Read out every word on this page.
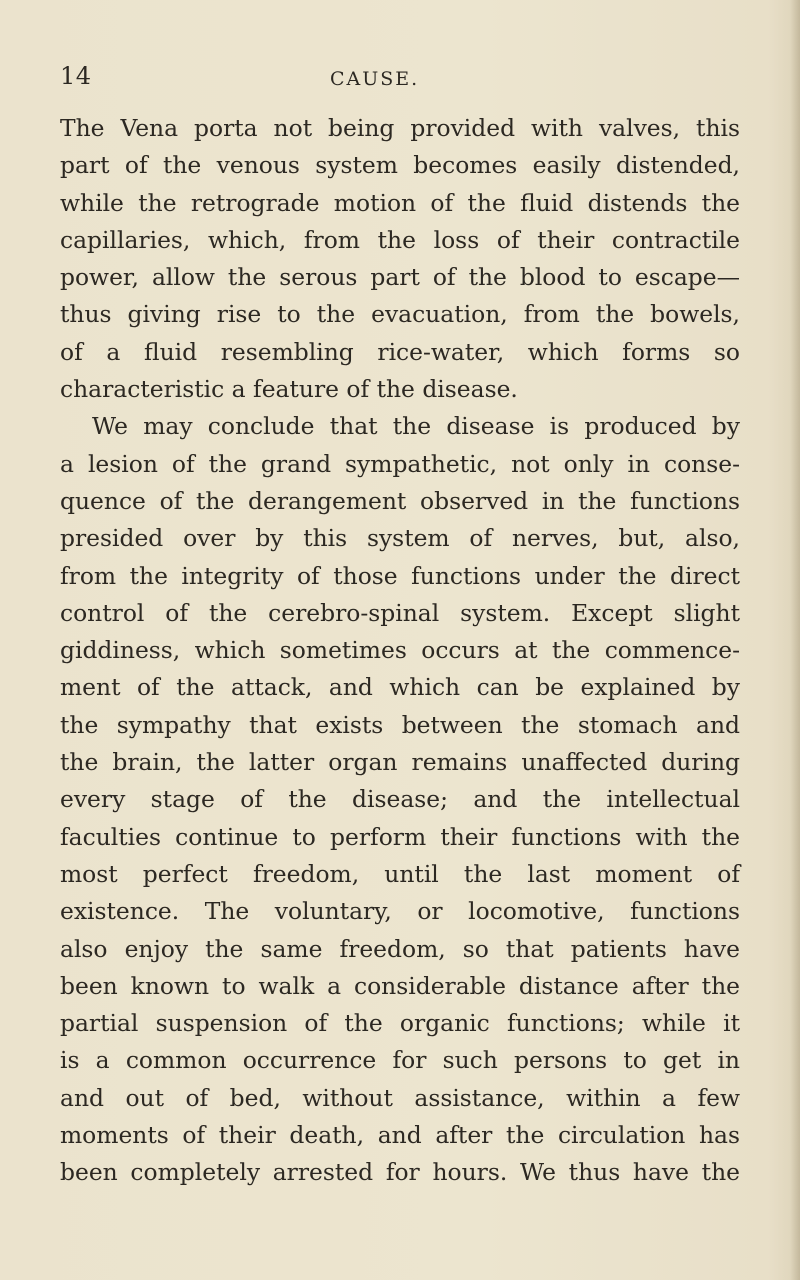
14	CAUSE.
The Vena porta not being provided with valves, this
part of the venous system becomes easily distended,
while the retrograde motion of the fluid distends the
capillaries, which, from the loss of their contractile
power, allow the serous part of the blood to escape—
thus giving rise to the evacuation, from the bowels,
of a fluid resembling rice-water, which forms so
characteristic a feature of the disease.
We may conclude that the disease is produced by
a lesion of the grand sympathetic, not only in conse-
quence of the derangement observed in the functions
presided over by this system of nerves, but, also,
from the integrity of those functions under the direct
control of the cerebro-spinal system. Except slight
giddiness, which sometimes occurs at the commence-
ment of the attack, and which can be explained by
the sympathy that exists between the stomach and
the brain, the latter organ remains unaffected during
every stage of the disease; and the intellectual
faculties continue to perform their functions with the
most perfect freedom, until the last moment of
existence. The voluntary, or locomotive, functions
also enjoy the same freedom, so that patients have
been known to walk a considerable distance after the
partial suspension of the organic functions; while it
is a common occurrence for such persons to get in
and out of bed, without assistance, within a few
moments of their death, and after the circulation has
been completely arrested for hours. We thus have the
